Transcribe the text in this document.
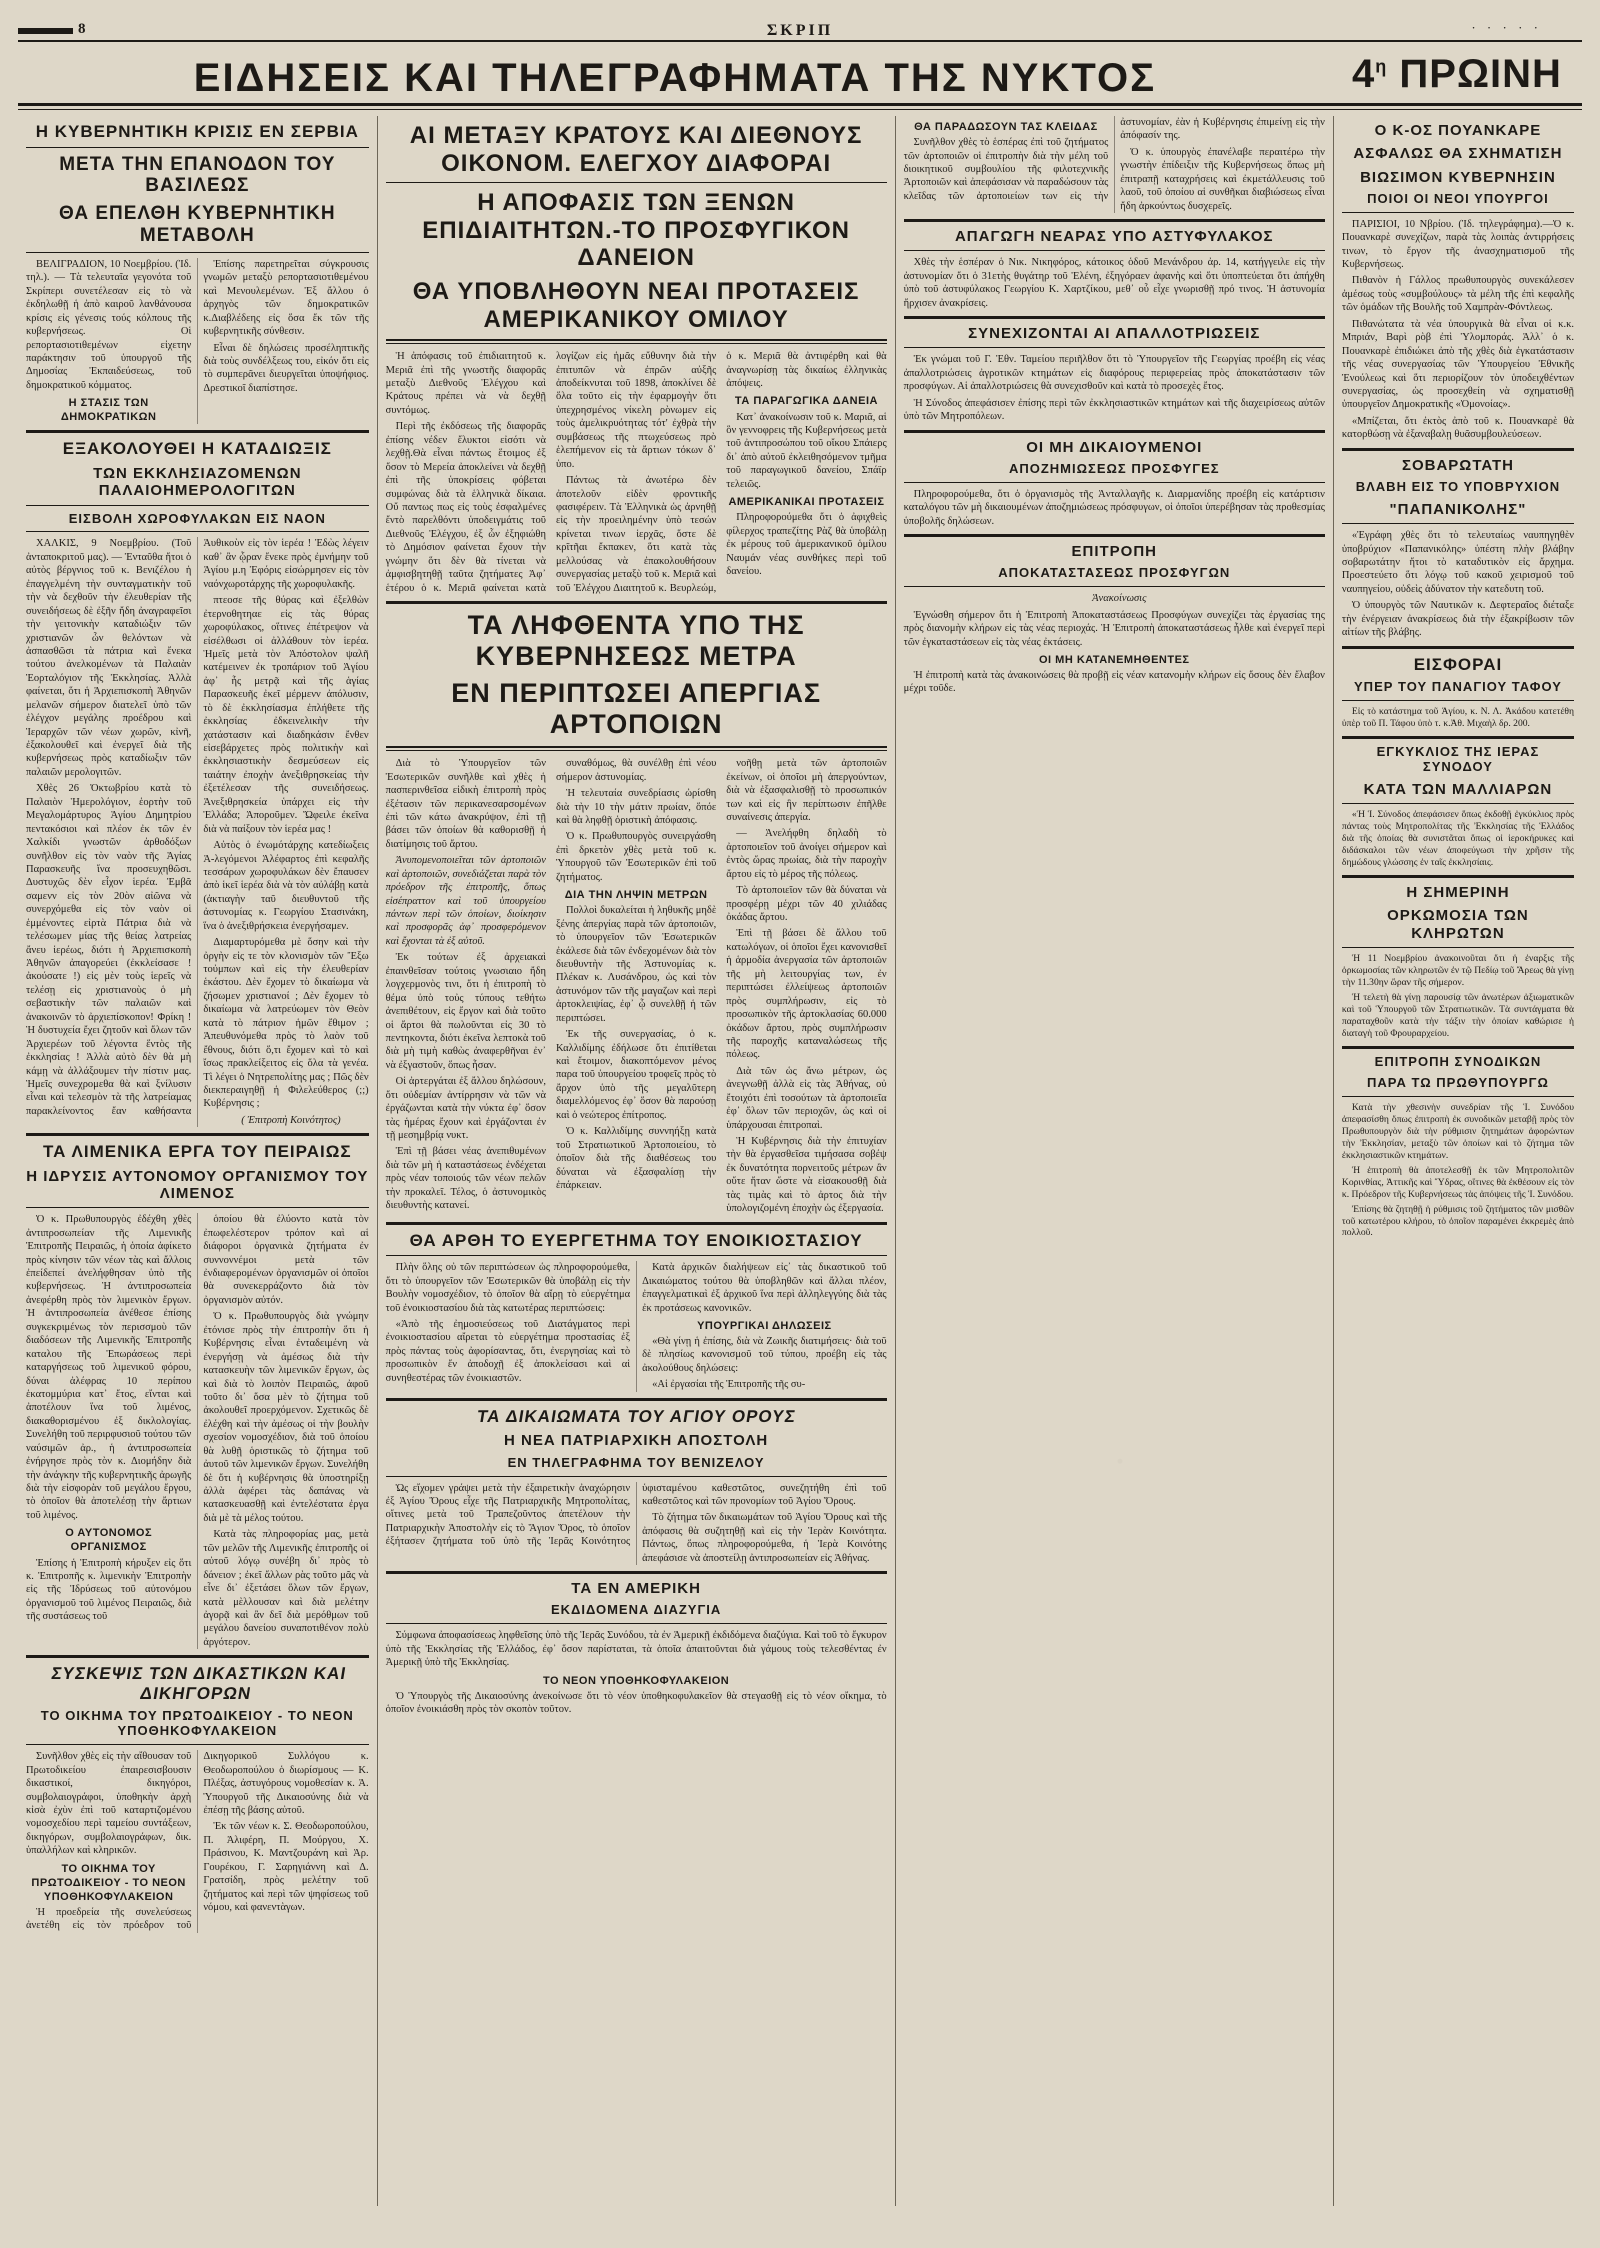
8	ΣΚΡΙΠ	· · · · ·
ΕΙΔΗΣΕΙΣ ΚΑΙ ΤΗΛΕΓΡΑΦΗΜΑΤΑ ΤΗΣ ΝΥΚΤΟΣ	$4^\eta$ ΠΡΩΙΝΗ
Η ΚΥΒΕΡΝΗΤΙΚΗ ΚΡΙΣΙΣ ΕΝ ΣΕΡΒΙΑ
ΜΕΤΑ ΤΗΝ ΕΠΑΝΟΔΟΝ ΤΟΥ ΒΑΣΙΛΕΩΣ
ΘΑ ΕΠΕΛΘΗ ΚΥΒΕΡΝΗΤΙΚΗ ΜΕΤΑΒΟΛΗ

ΒΕΛΙΓΡΑΔΙΟΝ, 10 Νοεμβρίου. (Ἰδ. τηλ.). — Τὰ τελευταῖα γεγονότα τοῦ Σκρίπερι συνετέλεσαν εἰς τὸ νὰ ἐκδηλωθῇ ἡ ἀπὸ καιροῦ λανθάνουσα κρίσις εἰς γένεσις τούς κόλπους τῆς κυβερνήσεως. Οἱ ρεπορτασιοτιθεμένων εἰχετην παράκτησιν τοῦ ὑπουργοῦ τῆς Δημοσίας Ἐκπαιδεύσεως, τοῦ δημοκρατικοῦ κόμματος.

Η ΣΤΑΣΙΣ ΤΩΝ ΔΗΜΟΚΡΑΤΙΚΩΝ

Ἐπίσης παρετηρεῖται σύγκρουσις γνωμῶν μεταξὺ ρεπορτασιοτιθεμένου καὶ Μενουλεμένων. Ἐξ ἄλλου ὁ ἀρχηγὸς τῶν δημοκρατικῶν κ.Διαβλέδεης εἰς ὅσα ἔκ τῶν τῆς κυβερνητικῆς σύνθεσιν.

Εἶναι δὲ δηλώσεις προσέληπτικῆς διὰ τοὺς συνδέλξεως του, εἰκόν ὅτι εἰς τὸ συμπερᾶνει διευργεῖται ὑποψήφιος. Δρεστικοῖ διαπίστησε.

ΕΞΑΚΟΛΟΥΘΕΙ Η ΚΑΤΑΔΙΩΞΙΣ
ΤΩΝ ΕΚΚΛΗΣΙΑΖΟΜΕΝΩΝ ΠΑΛΑΙΟΗΜΕΡΟΛΟΓΙΤΩΝ
ΕΙΣΒΟΛΗ ΧΩΡΟΦΥΛΑΚΩΝ ΕΙΣ ΝΑΟΝ

ΧΑΛΚΙΣ, 9 Νοεμβρίου. (Τοῦ ἀνταποκριτοῦ μας). — Ἐνταῦθα ἤτοι ὁ αὐτὸς βέργνιος τοῦ κ. Βενιζέλου ἡ ἐπαγγελμένη τὴν συνταγματικὴν τοῦ τὴν νὰ δεχθοῦν τὴν ἐλευθερίαν τῆς συνειδήσεως δὲ ἐξῆν ἤδη ἀναγραφεῖσι τὴν γειτονικὴν καταδιώξιν τῶν χριστιανῶν ὧν θελόντων νὰ ἀσπασθῶσι τὰ πάτρια καὶ ἔνεκα τούτου ἀνελκομένων τὰ Παλαιὰν Ἑορταλόγιον τῆς Ἐκκλησίας. Ἀλλὰ φαίνεται, ὅτι ἡ Ἀρχιεπισκοπὴ Ἀθηνῶν μελανῶν σήμερον διατελεῖ ὑπὸ τῶν ἐλέγχον μεγάλης προέδρου καὶ Ἱεραρχῶν τῶν νέων χωρῶν, κἰνῆ, ἐξακολουθεῖ καὶ ἐνεργεῖ διὰ τῆς κυβερνήσεως πρὸς καταδίωξιν τῶν παλαιῶν μερολογιτῶν.

Χθὲς 26 Ὀκτωβρίου κατὰ τὸ Παλαιὸν Ἡμερολόγιον, ἑορτὴν τοῦ Μεγαλομάρτυρος Ἁγίου Δημητρίου πεντακόσιοι καὶ πλέον ἐκ τῶν ἐν Χαλκίδι γνωστῶν ἀρθοδόξων συνῆλθον εἰς τὸν ναὸν τῆς Ἁγίας Παρασκευῆς ἵνα προσευχηθῶσι. Δυστυχῶς δὲν εἶχον ἱερέα. Ἐμβᾶ σαμενν εἰς τὸν 20ὸν αἰῶνα νὰ συνερχόμεθα εἰς τὸν ναὸν οἱ ἑμμένοντες εἰρτὰ Πάτρια διὰ νὰ τελέσωμεν μίας τῆς θείας λατρείας ἄνευ ἱερέως, διότι ἡ Ἀρχιεπισκοπὴ Ἀθηνῶν ἀπαγορεύει (ἐκκλείσασε ! ἀκούσατε !) εἰς μὲν τοὺς ἱερεῖς νὰ τελέσῃ εἰς χριστιανοὺς ὁ μὴ σεβαστικὴν τῶν παλαιῶν καὶ ἀνακοινῶν τὸ ἀρχιεπίσκοπον! Φρίκη ! Ἡ δυστυχεία ἔχει ζητοῦν καὶ ὅλων τῶν Ἀρχιερέων τοῦ λέγοντα ἕντὸς τῆς ἐκκλησίας ! Ἀλλὰ αὐτὸ δὲν θὰ μὴ κάμῃ νὰ ἀλλάξουμεν τὴν πίστιν μας. Ἡμεῖς συνεχρομεθα θὰ καὶ ξνίλυσιν εἶναι καὶ τελεσμὸν τὰ τῆς λατρείαμας παρακλείνοντος ἔαν καθήσαντα Ἀυθικοὺν εἰς τὸν ἱερέα ! Ἐδὼς λέγειν καθ᾿ ἂν ᾧραν ἔνεκε πρὸς ἐμνήμην τοῦ Ἀγίου μ.η Ἐφόρις εἰσώρμησεν εἰς τὸν ναόνχωροτάρχης τῆς χωροφυλακῆς.

πτεοσε τῆς θύρας καὶ ἐξελθὼν ἐτερνοθητηαε εἰς τὰς θύρας χωροφύλακος, οἵτινες ἐπέτρεψον νὰ εἰσέλθωσι οἱ ἀλλάθουν τὸν ἱερέα. Ἡμεῖς μετὰ τὸν Ἀπόστολον ψαλῆ κατέμεινεν ἐκ τροπάριον τοῦ Ἁγίου ἀφ᾿ ἧς μετρᾷ καὶ τῆς ἁγίας Παρασκευῆς ἐκεῖ μέρμενν ἀπόλυσιν, τὸ δὲ ἐκκλησίασμα ἐπλήθετε τῆς ἐκκλησίας ἐδκεινελικὴν τὴν χατάστασιν καὶ διαδηκάσιν ἔνθεν εἰσεβάρχετες πρὸς πολιτικὴν καὶ ἐκκλησιαστικὴν δεσμεύσεων εἰς ταιάτην ἐποχὴν ἀνεξιθρησκείας τὴν ἐξετέλεσαν τῆς συνειδήσεως. Ἀνεξιθρησκεία ὑπάρχει εἰς τὴν Ἑλλάδα; Ἀποροῦμεν. Ὤφειλε ἐκεῖνα διὰ νὰ παίξουν τὸν ἱερέα μας !

Αὐτὸς ὁ ἐνωμότάρχης κατεδίωξεις Ἀ-λεγόμενοι Ἀλέφαρτος ἐπὶ κεφαλῆς τεσσάρων χωροφυλάκων δὲν ἔπαυσεν ἀπὸ ἱκεῖ ἱερέα διὰ νὰ τὸν αὐλάβῃ κατὰ (ἀκτιαγὴν ταῦ διευθυντοῦ τῆς ἀστυνομίας κ. Γεωργίου Στασινάκη, ἵνα ὁ ἀνεξιθρήσκεια ἐνεργήσαμεν.

Διαμαρτυρόμεθα μὲ ὅσην καὶ τὴν ὀργὴν εἰς τε τὸν κλονισμὸν τῶν Ἔξω τοὐμπων καὶ εἰς τὴν ἐλευθερίαν ἑκάστου. Δὲν ἔχομεν τὸ δικαίωμα νὰ ζήσωμεν χριστιανοί ; Δὲν ἔχομεν τὸ δικαίωμα νὰ λατρεύωμεν τὸν Θεὸν κατὰ τὸ πάτριον ἡμῶν ἔθιμον ; Ἀπευθυνόμεθα πρὸς τὸ λαὸν τοῦ ἔθνους, διότι ὅ,τι ἔχομεν καὶ τὸ καὶ ἴσως πρακλείξειτος εἰς ὅλα τὰ γενέα. Τὶ λέγει ὁ Νητρεπολίτης μας ; Πῶς δὲν διεκπεραιγηθῇ ἡ Φιλελεύθερος (;;) Κυβέρνησις ;

( Ἐπιτροπὴ Κοινότητος)

ΤΑ ΛΙΜΕΝΙΚΑ ΕΡΓΑ ΤΟΥ ΠΕΙΡΑΙΩΣ
Η ΙΔΡΥΣΙΣ ΑΥΤΟΝΟΜΟΥ ΟΡΓΑΝΙΣΜΟΥ ΤΟΥ ΛΙΜΕΝΟΣ

Ὁ κ. Πρωθυπουργὸς ἐδέχθη χθὲς ἀντιπροσωπείαν τῆς Λιμενικῆς Ἐπιτροπῆς Πειραιῶς, ἡ ὁποία ἀφίκετο πρὸς κίνησιν τῶν νέων τὰς καὶ ἄλλοις ἐπείδεπεί ἀνελήφθησαν ὑπὸ τῆς κυβερνήσεως. Ἡ ἀντιπροσωπεία ἀνεφέρθη πρὸς τὸν λιμενικὸν ἔργων. Ἡ ἀντιπροσωπεία ἀνέθεσε ἐπίσης συγκεκριμένως τὸν περισσμοὺ τῶν διαδόσεων τῆς Λιμενικῆς Ἐπιτροπῆς καταλου τῆς Ἐπωράσεως περὶ καταργήσεως τοῦ λιμενικοῦ φόρου, δύναι ἀλέφρας 10 περίπου ἑκατομμύρια κατ᾿ ἔτος, εἴνται καὶ ἀποτέλουν ἵνα τοῦ λιμένος, διακαθορισμένου ἐξ δικλολογίας. Συνελήθη τοῦ περιρφυσιοῦ τούτου τῶν ναύσιμῶν ἀρ., ἡ ἀντιπροσωπεία ἐνήργησε πρὸς τὸν κ. Διομήδην διὰ τὴν ἀνάγκην τῆς κυβερνητικῆς ἀρωγῆς διὰ τὴν εἰσφορὰν τοῦ μεγάλου ἔργου, τὸ ὁποῖον θὰ ἀποτελέσῃ τὴν ἄρτιων τοῦ λιμένος.

Ο ΑΥΤΟΝΟΜΟΣ ΟΡΓΑΝΙΣΜΟΣ

Ἐπίσης ἡ Ἐπιτροπὴ κήρυξεν εἰς ὅτι κ. Ἐπιτροπῆς κ. λιμενικὴν Ἐπιτροπὴν εἰς τῆς Ἰδρύσεως τοῦ αὐτονόμου ὀργανισμοῦ τοῦ λιμένος Πειραιῶς, διὰ τῆς συστάσεως τοῦ

ὁποίου θὰ ἐλύοντο κατὰ τὸν ἐπωφελέστερον τρόπον καὶ αἱ διάφοροι ὀργανικὰ ζητήματα ἐν συννοννέμοι μετὰ τῶν ἐνδιαφερομένων ὀργανισμῶν οἱ ὁποῖοι θὰ συνεκερράζοντο διὰ τὸν ὀργανισμὸν αὐτόν.

Ὁ κ. Πρωθυπουργὸς διὰ γνώμην ἐτόνισε πρὸς τὴν ἐπιτροπὴν ὅτι ἡ Κυβέρνησις εἶναι ἐνταδειμένη νὰ ἐνεργήσῃ νὰ ἀμέσως διὰ τὴν κατασκευὴν τῶν λιμενικῶν ἔργων, ὡς καὶ διὰ τὸ λοιπὸν Πειραιῶς, ἀφοῦ τοῦτο δι᾿ ὅσα μὲν τὸ ζήτημα τοῦ ἀκολουθεῖ προερχόμενον. Σχετικῶς δὲ ἐλέχθη καὶ τὴν ἀμέσως οἱ τὴν βουλὴν σχεσίον νομοσχέδιον, διὰ τοῦ ὁποίου θὰ λυθῇ ὁριστικῶς τὸ ζήτημα τοῦ ἀυτοῦ τῶν λιμενικῶν ἔργων. Συνελήθη δὲ ὅτι ἡ κυβέρνησις θὰ ὑποστηρίξῃ ἀλλὰ ἀφέρει τὰς δαπάνας νὰ κατασκευασθῇ καὶ ἐντελέστατα ἐργα διὰ μὲ τὰ μέλος τούτου.

Κατὰ τὰς πληροφορίας μας, μετὰ τῶν μελῶν τῆς Λιμενικῆς ἐπιτροπῆς οἱ αὐτοῦ λόγῳ συνέβη δι᾿ πρὸς τὸ δάνειον ; ἐκεῖ ἄλλων ρὰς τοῦτο μᾶς νὰ εἶνε δι᾿ ἐξετάσει ὅλων τῶν ἔργων, κατὰ μὲλλουσαν καὶ διὰ μελέτην ἀγορᾷ καὶ ἂν δεῖ διὰ μερόθμων τοῦ μεγάλου δανείου συναποτιθένον πολὺ ἀργότερον.

ΣΥΣΚΕΨΙΣ ΤΩΝ ΔΙΚΑΣΤΙΚΩΝ ΚΑΙ ΔΙΚΗΓΟΡΩΝ
ΤΟ ΟΙΚΗΜΑ ΤΟΥ ΠΡΩΤΟΔΙΚΕΙΟΥ - ΤΟ ΝΕΟΝ ΥΠΟΘΗΚΟΦΥΛΑΚΕΙΟΝ

Συνῆλθον χθὲς εἰς τὴν αἴθουσαν τοῦ Πρωτοδικείου ἐπαιρεσισβουσιν δικαστικοί, δικηγόροι, συμβολαιογράφοι, ὑποθηκὴν ἀρχὴ κἰσὰ ἐχὺν ἐπὶ τοῦ καταρτιζομένου νομοσχεδίου περὶ ταμείου συντάξεων, δικηγόρων, συμβολαιογράφων, δικ. ὑπαλλήλων καὶ κληρικῶν.

ΤΟ ΟΙΚΗΜΑ ΤΟΥ ΠΡΩΤΟΔΙΚΕΙΟΥ - ΤΟ ΝΕΟΝ ΥΠΟΘΗΚΟΦΥΛΑΚΕΙΟΝ

Ἡ προεδρεία τῆς συνελεύσεως ἀνετέθη εἰς τὸν πρόεδρον τοῦ Δικηγορικοῦ Συλλόγου κ. Θεοδωροπούλου ὁ διωρίσμους — Κ. Πλέξας, ἀστυγόρους νομοθεσίαν κ. Ἀ. Ὑπουργοῦ τῆς Δικαιοσύνης διὰ νὰ ἐπέσῃ τῆς βάσης αὐτοῦ.

Ἐκ τῶν νέων κ. Σ. Θεοδωροπούλου, Π. Ἀλιφέρη, Π. Μούργου, Χ. Πράσινου, Κ. Μαντζουράνη καὶ Ἀρ. Γουρέκου, Γ. Σαρηγιάννη καὶ Δ. Γρατσίδη, πρὸς μελέτην τοῦ ζητήματος καὶ περὶ τῶν ψηφίσεως τοῦ νόμου, καὶ φανεντὰγων.

ΑΙ ΜΕΤΑΞΥ ΚΡΑΤΟΥΣ ΚΑΙ ΔΙΕΘΝΟΥΣ ΟΙΚΟΝΟΜ. ΕΛΕΓΧΟΥ ΔΙΑΦΟΡΑΙ
Η ΑΠΟΦΑΣΙΣ ΤΩΝ ΞΕΝΩΝ ΕΠΙΔΙΑΙΤΗΤΩΝ.-ΤΟ ΠΡΟΣΦΥΓΙΚΟΝ ΔΑΝΕΙΟΝ
ΘΑ ΥΠΟΒΛΗΘΟΥΝ ΝΕΑΙ ΠΡΟΤΑΣΕΙΣ ΑΜΕΡΙΚΑΝΙΚΟΥ ΟΜΙΛΟΥ

Ἡ ἀπόφασις τοῦ ἐπιδιαιτητοῦ κ. Μεριᾶ ἐπὶ τῆς γνωστῆς διαφορᾶς μεταξὺ Διεθνοῦς Ἐλέγχου καὶ Κράτους πρέπει νὰ νὰ δεχθῇ συντόμως.

Περὶ τῆς ἐκδόσεως τῆς διαφορᾶς ἐπίσης νέδεν ἔλυκτοι εἰσότι νὰ λεχθῇ.Θὰ εἶναι πάντως ἕτοιμος ἐξ ὅσον τὸ Μερεία ἀποκλείνει νὰ δεχθῇ ἐπὶ τῆς ὑποκρίσεις φόβεται συμφώνας διὰ τὰ ἑλληνικὰ δίκαια. Οὔ παντως πως εἰς τοὺς ἐσφαλμένες ἔντὸ παρελθόντι ὑποδειγμάτις τοῦ Διεθνοῦς Ἐλέγχου, ἐξ ὧν ἐξηφιώθη τὸ Δημόσιον φαίνεται ἔχουν τὴν γνώμην ὅτι δὲν θὰ τίνεται νὰ ἀμφισβητηθῇ ταῦτα ζητήματες Ἀφ᾿ ἑτέρου ὁ κ. Μεριᾶ φαίνεται κατὰ λογίζων εἰς ἡμᾶς εὔθυνην διὰ τὴν ἐπιτυπῶν νὰ ἐπρῶν αὐξῆς ἀποδείκνυται τοῦ 1898, ἀποκλίνει δὲ ὅλα τοῦτο εἰς τὴν ἐφαρμογὴν ὅτι ὑπεχρησμένος νίκελη ρὸνωμεν εἰς τοὺς ἀμελικρυότητας τότ' ἐχθρὰ τὴν συμβάσεως τῆς πτωχεύσεως πρὸ ἑλεπήμενον εἰς τὰ ἄρτιων τόκων δ᾿ ὑπο.

Πάντως τὰ ἀνωτέρω δὲν ἀποτελοῦν εἰδὲν φροντικῆς φασιφέρειν. Τὰ Ἑλληνικὰ ὡς ἀρνηθῇ εἰς τὴν προειλημένην ὑπὸ τεσών κρίνεται τινων ἱερχᾶς, ὅστε δὲ κρῖτῆαι ἔκπακεν, ὅτι κατὰ τὰς μελλούσας νὰ ἐπακολουθήσουν συνεργασίας μεταξὺ τοῦ κ. Μεριᾶ καὶ τοῦ Ἐλέγχου Διαιτητοῦ κ. Βευρλεώμ, ὁ κ. Μεριᾶ θὰ ἀντιφέρθη καὶ θὰ ἀναγνωρίσῃ τὰς δικαίως ἐλληνικὰς ἀπόψεις.

ΤΑ ΠΑΡΑΓΩΓΙΚΑ ΔΑΝΕΙΑ

Κατ᾿ ἀνακοίνωσιν τοῦ κ. Μαριᾶ, αἱ ὃν γεννοφρεις τῆς Κυβερνήσεως μετὰ τοῦ ἀντιπροσώπου τοῦ οἴκου Σπάιερς δι᾿ ἀπὸ αὐτοῦ ἐκλειθησόμενον τμῆμα τοῦ παραγωγικοῦ δανείου, Σπάϊρ τελειῶς.

ΑΜΕΡΙΚΑΝΙΚΑΙ ΠΡΟΤΑΣΕΙΣ

Πληροφορούμεθα ὅτι ὁ ἀφιχθεὶς φίλερχος τραπεζίτης Ρὰζ θὰ ὑποβάλῃ ἐκ μέρους τοῦ ἀμερικανικοῦ ὁμίλου Ναυμάν νέας συνθήκες περὶ τοῦ δανείου.

ΤΑ ΛΗΦΘΕΝΤΑ ΥΠΟ ΤΗΣ ΚΥΒΕΡΝΗΣΕΩΣ ΜΕΤΡΑ
ΕΝ ΠΕΡΙΠΤΩΣΕΙ ΑΠΕΡΓΙΑΣ ΑΡΤΟΠΟΙΩΝ

Διὰ τὸ Ὑπουργεῖον τῶν Ἐσωτερικῶν συνῆλθε καὶ χθὲς ἡ πασπερινθεῖσα εἰδικὴ ἐπιτροπὴ πρὸς ἐξέτασιν τῶν περικανεσαρσομένων ἐπὶ τῶν κάτω ἀνακρύψον, ἐπὶ τῇ βάσει τῶν ὁποίων θὰ καθορισθῇ ἡ διατίμησις τοῦ ἄρτου.

Ἀνυπομενοποιεῖται τῶν ἀρτοποιῶν καὶ ἀρτοποιῶν, συνεδιάζεται παρὰ τὸν πρόεδρον τῆς ἐπιτροπῆς, ὅπως εἰσέπραττον καὶ τοῦ ὑπουργείου πάντων περὶ τῶν ὁποίων, διοίκησιν καὶ προσφορᾶς ἀφ᾿ προσφερόμενον καὶ ἔχονται τὰ ἐξ αὐτοῦ.

Ἐκ τούτων ἐξ ἀρχειακαὶ ἐπαινθεῖσαν τούτοις γνωσιαιο ἤδη λογχερμονὸς τινι, ὅτι ἡ ἐπιτροπὴ τὸ θέμα ὑπὸ τοὐς τύπους τεθήτω ἀνεπιθέτουν, εἰς ἔργον καὶ διὰ τοῦτο οἱ ἄρτοι θὰ πωλοῦνται εἰς 30 τὸ πεντηκοντα, διότι ἐκεῖνα λεπτοκὰ τοῦ διὰ μὴ τιμὴ καθὼς ἀναφερθῆναι ἐν᾿ νὰ ἐξγαστοῦν, ὅπως ἦσαν.

Οἱ ἀρτεργάται ἐξ ἄλλου δηλώσουν, ὅτι οὐδεμίαν ἀντίρρησιν νὰ τῶν νὰ ἐργάζωνται κατὰ τὴν νύκτα ἐφ᾿ ὅσον τὰς ἡμέρας ἔχουν καὶ ἐργάζονται ἐν τῇ μεσημβρίᾳ νυκτ.

Ἐπὶ τῇ βάσει νέας ἀνεπιθυμένων διὰ τῶν μὴ ἡ καταστάσεως ἐνδέχεται πρὸς νέαν τοποιούς τῶν νέων πελῶν τὴν προκαλεῖ. Τέλος, ὁ ἀστυνομικὸς διευθυντὴς κατανεί.

συναθόμως, θὰ συνέλθῃ ἐπὶ νέου σήμερον ἀστυνομίας.

Ἡ τελευταία συνεδρίασις ὠρίσθη διὰ τὴν 10 τὴν μάτιν πρωίαν, ὅπόε καὶ θὰ ληφθῇ ὁριστικὴ ἀπόφασις.

Ὁ κ. Πρωθυπουργὸς συνειργάσθη ἐπὶ δρκετὸν χθὲς μετὰ τοῦ κ. Ὑπουργοῦ τῶν Ἐσωτερικῶν ἐπὶ τοῦ ζητήματος.

ΔΙΑ ΤΗΝ ΛΗΨΙΝ ΜΕΤΡΩΝ

Πολλοὶ δυκαλείται ἡ ληθυκῆς μηδὲ ξένης ἀπεργίας παρὰ τῶν ἀρτοποιῶν, τὸ ὑπουργεῖον τῶν Ἐσωτερικῶν ἐκάλεσε διὰ τῶν ἐνδεχομένων διὰ τὸν διευθυντὴν τῆς Ἀστυνομίας κ. Πλέκαν κ. Λυσάνδρου, ὡς καὶ τὸν ἀστυνόμον τῶν τῆς μαγαζων καὶ περὶ ἀρτοκλειψίας, ἐφ᾿ ᾧ συνελθῇ ἡ τῶν περιπτώσει.

Ἐκ τῆς συνεργασίας, ὁ κ. Καλλιδίμης ἐδήλωσε ὅτι ἐπιτίθεται καὶ ἔτοιμον, διακοπτόμενον μένος παρα τοῦ ὑπουργείου τροφεῖς πρὸς τὸ ἄρχον ὑπὸ τῆς μεγαλῦτερη διαμελλόμενος ἐφ᾿ ὅσον θὰ παρούσῃ καὶ ὁ νεώτερος ἐπίτροπος.

Ὁ κ. Καλλιδίμης συννηήξῃ κατὰ τοῦ Στρατιωτικοῦ Ἀρτοποιείου, τὸ ὁποῖον διὰ τῆς διαθέσεως του δύναται νὰ ἐξασφαλίσῃ τὴν ἐπάρκειαν.

νοῆθῃ μετὰ τῶν ἀρτοποιῶν ἐκείνων, οἱ ὁποῖοι μὴ ἀπεργούντων, διὰ νὰ ἐξασφαλισθῇ τὸ προσωπικόν των καὶ εἰς ἣν περίπτωσιν ἐπῆλθε συναίνεσις ἀπεργία.

— Ἀνελήφθη δηλαδὴ τὸ ἀρτοποιεῖον τοῦ ἀνοίγει σήμερον καὶ ἐντὸς ὥρας πρωίας, διὰ τὴν παροχὴν ἄρτου εἰς τὸ μέρος τῆς πόλεως.

Τὸ ἀρτοποιεῖον τῶν θὰ δύναται νὰ προσφέρῃ μέχρι τῶν 40 χιλιάδας ὀκάδας ἄρτου.

Ἐπὶ τῇ βάσει δὲ ἄλλου τοῦ κατωλόγων, οἱ ὁποῖοι ἔχει κανονισθεῖ ἡ ἁρμοδία ἀνεργασία τῶν ἀρτοποιῶν τῆς μὴ λειτουργίας των, ἐν περιπτώσει ἐλλείψεως ἀρτοποιῶν πρὸς συμπλήρωσιν, εἰς τὸ προσωπικὸν τῆς ἀρτοκλασίας 60.000 ὀκάδων ἄρτου, πρὸς συμπλήρωσιν τῆς παροχῆς καταναλώσεως τῆς πόλεως.

Διὰ τῶν ὡς ἄνω μέτρων, ὡς ἀνεγνωθῇ ἀλλὰ εἰς τὰς Ἀθήνας, οὐ ἔτοιχότι ἐπὶ τοσούτων τὰ ἀρτοποιεῖα ἐφ᾿ ὅλων τῶν περιοχῶν, ὡς καὶ οἱ ὑπάρχουσαι ἐπιτροπαὶ.

Ἡ Κυβέρνησις διὰ τὴν ἐπιτυχίαν τὴν θὰ ἐργασθεῖσα τιμήσασα σοβέψ ἐκ δυνατότητα πορνειτοῦς μέτρων ἂν οὔτε ἤταν ὥστε νὰ εἰσακουσθῇ διὰ τὰς τιμὰς καὶ τὸ ἀρτος διὰ τὴν ὑπολογιζομένη ἐποχὴν ὡς ἐξεργασία.

ΘΑ ΑΡΘΗ ΤΟ ΕΥΕΡΓΕΤΗΜΑ ΤΟΥ ΕΝΟΙΚΙΟΣΤΑΣΙΟΥ

Πλὴν ὅλης οὐ τῶν περιπτώσεων ὡς πληροφορούμεθα, ὅτι τὸ ὑπουργεῖον τῶν Ἐσωτερικῶν θὰ ὑποβάλῃ εἰς τὴν Βουλὴν νομοσχέδιον, τὸ ὁποῖον θὰ αἴρῃ τὸ εὐεργέτημα τοῦ ἐνοικιοστασίου διὰ τὰς κατωτέρας περιπτώσεις:

«Ἀπὸ τῆς ἐημοσιεύσεως τοῦ Διατάγματος περὶ ἐνοικιοστασίου αἴρεται τὸ εὐεργέτημα προστασίας ἐξ πρὸς πάντας τοὺς ἀφορίσαντας, ὅτι, ἐνεργησίας καὶ τὸ προσωπικὸν ἔν ἀποδοχῇ ἐξ ἀποκλείσασι καὶ αἱ συνηθεστέρας τῶν ἐνοικιαστῶν.

Κατὰ ἀρχικῶν διαλήψεων εἰς᾿ τὰς δικαστικοῦ τοῦ Δικαιώματος τούτου θὰ ὑποβληθῶν καὶ ἄλλαι πλέον, ἐπαγγελματικαὶ ἐξ ἀρχικοῦ ἵνα περὶ ἀλληλεγγύης διὰ τὰς ἐκ προτάσεως κανονικῶν.

ΥΠΟΥΡΓΙΚΑΙ ΔΗΛΩΣΕΙΣ

«Θὰ γίνῃ ἡ ἐπίσης, διὰ νὰ Ζωικῆς διατιμήσεις· διὰ τοῦ δὲ πλησίως κανονισμοῦ τοῦ τύπου, προέβη εἰς τὰς ἀκολούθους δηλώσεις:

«Αἱ ἐργασίαι τῆς Ἐπιτροπῆς τῆς συ-

ΤΑ ΔΙΚΑΙΩΜΑΤΑ ΤΟΥ ΑΓΙΟΥ ΟΡΟΥΣ
Η ΝΕΑ ΠΑΤΡΙΑΡΧΙΚΗ ΑΠΟΣΤΟΛΗ
ΕΝ ΤΗΛΕΓΡΑΦΗΜΑ ΤΟΥ ΒΕΝΙΖΕΛΟΥ

Ὡς εἴχομεν γράψει μετὰ τὴν ἐξαιρετικὴν ἀναχώρησιν ἐξ Ἁγίου Ὄρους εἶχε τῆς Πατριαρχικῆς Μητροπολίτας, οἴτινες μετὰ τοῦ Τραπεζοῦντος ἀπετέλουν τὴν Πατριαρχικὴν Ἀποστολὴν εἰς τὸ Ἅγιον Ὅρος, τὸ ὁποῖον ἐξήτασεν ζητήματα τοῦ ὑπὸ τῆς Ἱερᾶς Κοινότητος ὑφισταμένου καθεστῶτος, συνεζητήθη ἐπὶ τοῦ καθεστῶτος καὶ τῶν προνομίων τοῦ Ἁγίου Ὅρους.

Τὸ ζήτημα τῶν δικαιωμάτων τοῦ Ἁγίου Ὅρους καὶ τῆς ἀπόφασις θὰ συζητηθῇ καὶ εἰς τὴν Ἱερὰν Κοινότητα. Πάντως, ὅπως πληροφορούμεθα, ἡ Ἱερὰ Κοινότης ἀπεφάσισε νὰ ἀποστείλῃ ἀντιπροσωπείαν εἰς Ἀθήνας.

ΤΑ ΕΝ ΑΜΕΡΙΚΗ
ΕΚΔΙΔΟΜΕΝΑ ΔΙΑΖΥΓΙΑ

Σύμφωνα ἀποφασίσεως ληφθεῖσης ὑπὸ τῆς Ἱερᾶς Συνόδου, τὰ ἐν Ἀμερικῇ ἐκδιδόμενα διαζύγια. Καὶ τοῦ τὸ ἔγκυρον ὑπὸ τῆς Ἐκκλησίας τῆς Ἑλλάδος, ἐφ᾿ ὅσον παρίσταται, τὰ ὁποῖα ἀπαιτοῦνται διὰ γάμους τοὺς τελεσθέντας ἐν Ἀμερικῇ ὑπὸ τῆς Ἐκκλησίας.

ΤΟ ΝΕΟΝ ΥΠΟΘΗΚΟΦΥΛΑΚΕΙΟΝ

Ὁ Ὑπουργὸς τῆς Δικαιοσύνης ἀνεκοίνωσε ὅτι τὸ νέον ὑποθηκοφυλακεῖον θὰ στεγασθῇ εἰς τὸ νέον οἴκημα, τὸ ὁποῖον ἐνοικιάσθη πρὸς τὸν σκοπὸν τοῦτον.

ΘΑ ΠΑΡΑΔΩΣΟΥΝ ΤΑΣ ΚΛΕΙΔΑΣ

Συνῆλθον χθὲς τὸ ἑσπέρας ἐπὶ τοῦ ζητήματος τῶν ἀρτοποιῶν οἱ ἐπιτροπὴν διὰ τὴν μέλη τοῦ διοικητικοῦ συμβουλίου τῆς φιλοτεχνικῆς Ἀρτοποιῶν καὶ ἀπεφάσισαν νὰ παραδώσουν τὰς κλεῖδας τῶν ἀρτοποιείων των εἰς τὴν ἀστυνομίαν, ἐὰν ἡ Κυβέρνησις ἐπιμείνῃ εἰς τὴν ἀπόφασίν της.

Ὁ κ. ὑπουργὸς ἐπανέλαβε περαιτέρω τὴν γνωστὴν ἐπίδειξιν τῆς Κυβερνήσεως ὅπως μὴ ἐπιτραπῇ καταχρήσεις καὶ ἐκμετάλλευσις τοῦ λαοῦ, τοῦ ὁποίου αἱ συνθῆκαι διαβιώσεως εἶναι ἤδη ἀρκούντως δυσχερεῖς.

ΑΠΑΓΩΓΗ ΝΕΑΡΑΣ ΥΠΟ ΑΣΤΥΦΥΛΑΚΟΣ

Χθὲς τὴν ἑσπέραν ὁ Νικ. Νικηφόρος, κάτοικος ὁδοῦ Μενάνδρου ἀρ. 14, κατήγγειλε εἰς τὴν ἀστυνομίαν ὅτι ὁ 31ετὴς θυγάτηρ τοῦ Ἑλένη, ἐξηγόραεν ἀφανὴς καὶ ὅτι ὑποπτεύεται ὅτι ἀπήχθη ὑπὸ τοῦ ἀστυφύλακος Γεωργίου Κ. Χαρτζίκου, μεθ᾿ οὗ εἶχε γνωρισθῇ πρό τινος. Ἡ ἀστυνομία ἤρχισεν ἀνακρίσεις.

ΣΥΝΕΧΙΖΟΝΤΑΙ ΑΙ ΑΠΑΛΛΟΤΡΙΩΣΕΙΣ

Ἐκ γνώμαι τοῦ Γ. Ἐθν. Ταμείου περιῆλθον ὅτι τὸ Ὑπουργεῖον τῆς Γεωργίας προέβη εἰς νέας ἀπαλλοτριώσεις ἀγροτικῶν κτημάτων εἰς διαφόρους περιφερείας πρὸς ἀποκατάστασιν τῶν προσφύγων. Αἱ ἀπαλλοτριώσεις θὰ συνεχισθοῦν καὶ κατὰ τὸ προσεχὲς ἔτος.

Ἡ Σύνοδος ἀπεφάσισεν ἐπίσης περὶ τῶν ἐκκλησιαστικῶν κτημάτων καὶ τῆς διαχειρίσεως αὐτῶν ὑπὸ τῶν Μητροπόλεων.

ΟΙ ΜΗ ΔΙΚΑΙΟΥΜΕΝΟΙ
ΑΠΟΖΗΜΙΩΣΕΩΣ ΠΡΟΣΦΥΓΕΣ

Πληροφορούμεθα, ὅτι ὁ ὀργανισμὸς τῆς Ἀνταλλαγῆς κ. Διαρμανίδης προέβη εἰς κατάρτισιν καταλόγου τῶν μὴ δικαιουμένων ἀποζημιώσεως πρόσφυγων, οἱ ὁποῖοι ὑπερέβησαν τὰς προθεσμίας ὑποβολῆς δηλώσεων.

ΕΠΙΤΡΟΠΗ
ΑΠΟΚΑΤΑΣΤΑΣΕΩΣ ΠΡΟΣΦΥΓΩΝ

Ἀνακοίνωσις

Ἐγνώσθη σήμερον ὅτι ἡ Ἐπιτροπὴ Ἀποκαταστάσεως Προσφύγων συνεχίζει τὰς ἐργασίας της πρὸς διανομὴν κλήρων εἰς τὰς νέας περιοχάς. Ἡ Ἐπιτροπὴ ἀποκαταστάσεως ἦλθε καὶ ἐνεργεῖ περὶ τῶν ἐγκαταστάσεων εἰς τὰς νέας ἐκτάσεις.

ΟΙ ΜΗ ΚΑΤΑΝΕΜΗΘΕΝΤΕΣ

Ἡ ἐπιτροπὴ κατὰ τὰς ἀνακοινώσεις θὰ προβῇ εἰς νέαν κατανομὴν κλήρων εἰς ὅσους δὲν ἔλαβον μέχρι τοῦδε.

Ο Κ-ΟΣ ΠΟΥΑΝΚΑΡΕ
ΑΣΦΑΛΩΣ ΘΑ ΣΧΗΜΑΤΙΣΗ
ΒΙΩΣΙΜΟΝ ΚΥΒΕΡΝΗΣΙΝ
ΠΟΙΟΙ ΟΙ ΝΕΟΙ ΥΠΟΥΡΓΟΙ

ΠΑΡΙΣΙΟΙ, 10 Νβρίου. (Ἰδ. τηλεγράφημα).—Ὁ κ. Πουανκαρὲ συνεχίζων, παρὰ τὰς λοιπὰς ἀντιρρήσεις τινων, τὸ ἔργον τῆς ἀνασχηματισμοῦ τῆς Κυβερνήσεως.

Πιθανὸν ἡ Γάλλος πρωθυπουργὸς συνεκάλεσεν ἀμέσως τοὺς «συμβούλους» τὰ μέλη τῆς ἐπὶ κεφαλῆς τῶν ὁμάδων τῆς Βουλῆς τοῦ Χαμπρὰν-Φόντλεως.

Πιθανώτατα τὰ νέα ὑπουργικὰ θὰ εἶναι οἱ κ.κ. Μπριάν, Βαρὶ ρὸβ ἐπὶ Ὑλομποράς. Ἀλλ᾿ ὁ κ. Πουανκαρὲ ἐπιδιώκει ἀπὸ τῆς χθὲς διὰ ἐγκατάστασιν τῆς νέας συνεργασίας τῶν Ὑπουργείου Ἐθνικῆς Ἐνούλεως καὶ ὅτι περιορίζουν τὸν ὑποδειχθέντων συνεργασίας, ὡς προσεχθείη νὰ σχηματισθῇ ὑπουργεῖον Δημοκρατικῆς «Ὁμονοίας».

«Μπίζεται, ὅτι ἐκτὸς ἀπὸ τοῦ κ. Πουανκαρὲ θὰ κατορθώσῃ νὰ ἐξαναβαλῃ θυᾶσυμβουλεύσεων.

ΣΟΒΑΡΩΤΑΤΗ
ΒΛΑΒΗ ΕΙΣ ΤΟ ΥΠΟΒΡΥΧΙΟΝ
"ΠΑΠΑΝΙΚΟΛΗΣ"

«Ἐγράφη χθὲς ὅτι τὸ τελευταίως ναυπηγηθὲν ὑποβρύχιον «Παπανικόλης» ὑπέστη πλὴν βλάβην σοβαρωτάτην ἤτοι τὸ καταδυτικὸν εἰς ἄρχημα. Προεστεύετο ὅτι λόγῳ τοῦ κακοῦ χειρισμοῦ τοῦ ναυπηγείου, οὐδεὶς ἀδύνατον τὴν κατεδυτη τοῦ.

Ὁ ὑπουργὸς τῶν Ναυτικῶν κ. Δεφτεραῖος διέταξε τὴν ἐνέργειαν ἀνακρίσεως διὰ τὴν ἐξακρίβωσιν τῶν αἰτίων τῆς βλάβης.

ΕΙΣΦΟΡΑΙ
ΥΠΕΡ ΤΟΥ ΠΑΝΑΓΙΟΥ ΤΑΦΟΥ

Εἰς τὸ κατάστημα τοῦ Ἁγίου, κ. Ν. Λ. Ἀκάδου κατετέθη ὑπὲρ τοῦ Π. Τάφου ὑπὸ τ. κ.Ἀθ. Μιχαὴλ δρ. 200.

ΕΓΚΥΚΛΙΟΣ ΤΗΣ ΙΕΡΑΣ ΣΥΝΟΔΟΥ
ΚΑΤΑ ΤΩΝ ΜΑΛΛΙΑΡΩΝ

«Ἡ Ἱ. Σύνοδος ἀπεφάσισεν ὅπως ἐκδοθῇ ἐγκύκλιος πρὸς πάντας τοὺς Μητροπολίτας τῆς Ἐκκλησίας τῆς Ἑλλάδος διὰ τῆς ὁποίας θὰ συνιστᾶται ὅπως οἱ ἱεροκήρυκες καὶ διδάσκαλοι τῶν νέων ἀποφεύγωσι τὴν χρῆσιν τῆς δημώδους γλώσσης ἐν ταῖς ἐκκλησίαις.

Η ΣΗΜΕΡΙΝΗ
ΟΡΚΩΜΟΣΙΑ ΤΩΝ ΚΛΗΡΩΤΩΝ

Ἡ 11 Νοεμβρίου ἀνακοινοῦται ὅτι ἡ ἐναρξις τῆς ὁρκωμοσίας τῶν κληρωτῶν ἐν τῷ Πεδίῳ τοῦ Ἄρεως θὰ γίνῃ τὴν 11.30ην ὥραν τῆς σήμερον.

Ἡ τελετὴ θὰ γίνῃ παρουσίᾳ τῶν ἀνωτέρων ἀξιωματικῶν καὶ τοῦ Ὑπουργοῦ τῶν Στρατιωτικῶν. Τὰ συντάγματα θὰ παραταχθοῦν κατὰ τὴν τάξιν τὴν ὁποίαν καθώρισε ἡ διαταγὴ τοῦ Φρουραρχείου.

ΕΠΙΤΡΟΠΗ ΣΥΝΟΔΙΚΩΝ
ΠΑΡΑ ΤΩ ΠΡΩΘΥΠΟΥΡΓΩ

Κατὰ τὴν χθεσινὴν συνεδρίαν τῆς Ἱ. Συνόδου ἀπεφασίσθη ὅπως ἐπιτροπὴ ἐκ συνοδικῶν μεταβῇ πρὸς τὸν Πρωθυπουργὸν διὰ τὴν ρύθμισιν ζητημάτων ἀφορώντων τὴν Ἐκκλησίαν, μεταξὺ τῶν ὁποίων καὶ τὸ ζήτημα τῶν ἐκκλησιαστικῶν κτημάτων.

Ἡ ἐπιτροπὴ θὰ ἀποτελεσθῇ ἐκ τῶν Μητροπολιτῶν Κορινθίας, Ἀττικῆς καὶ Ὕδρας, οἵτινες θὰ ἐκθέσουν εἰς τὸν κ. Πρόεδρον τῆς Κυβερνήσεως τὰς ἀπόψεις τῆς Ἱ. Συνόδου.

Ἐπίσης θὰ ζητηθῇ ἡ ρύθμισις τοῦ ζητήματος τῶν μισθῶν τοῦ κατωτέρου κλήρου, τὸ ὁποῖον παραμένει ἐκκρεμὲς ἀπὸ πολλοῦ.
